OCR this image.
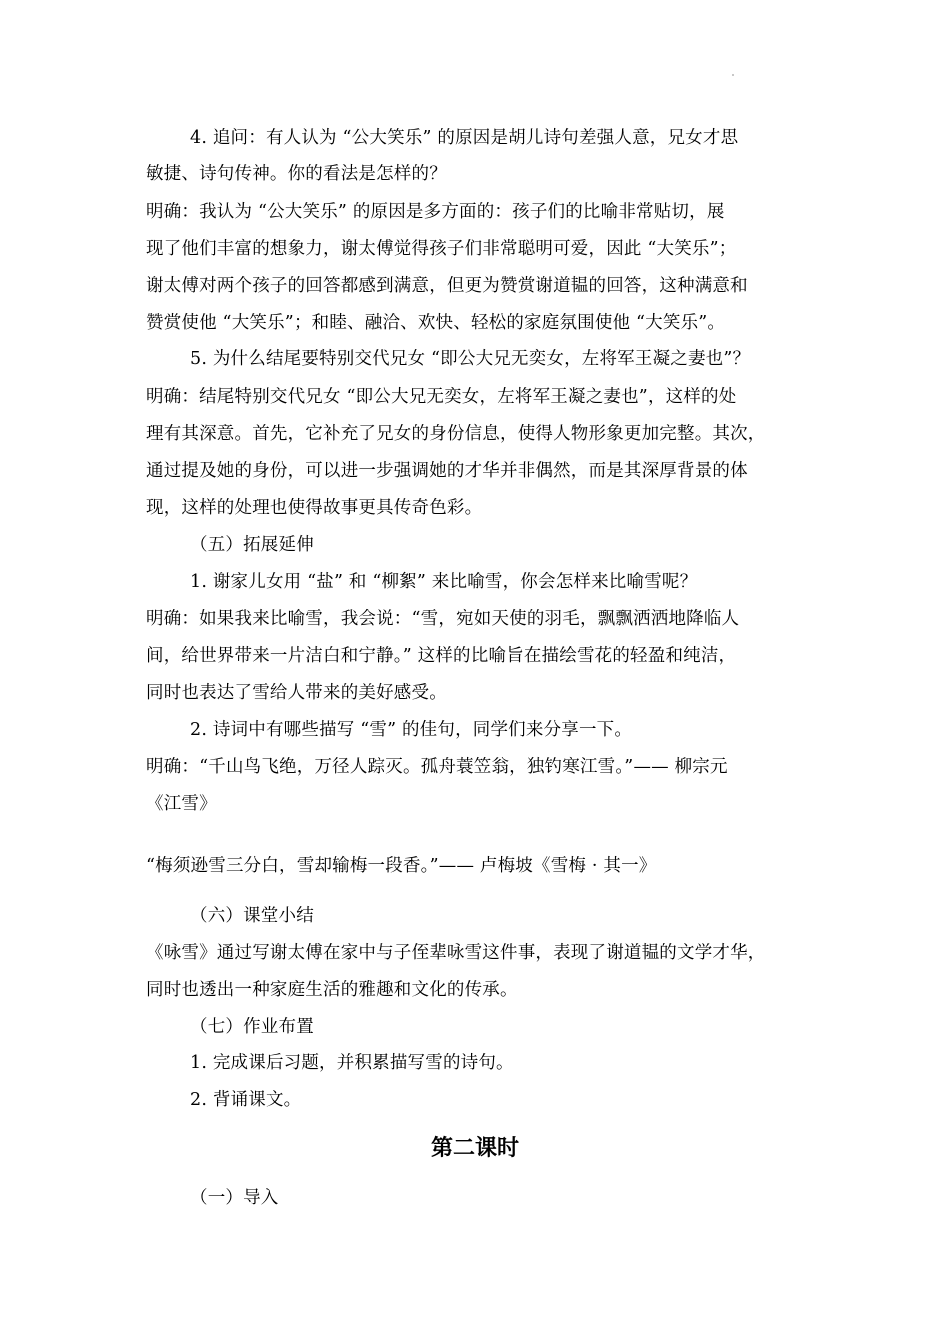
4. 追问：有人认为 “公大笑乐” 的原因是胡儿诗句差强人意，兄女才思
敏捷、诗句传神。你的看法是怎样的？
明确：我认为 “公大笑乐” 的原因是多方面的：孩子们的比喻非常贴切，展
现了他们丰富的想象力，谢太傅觉得孩子们非常聪明可爱，因此 “大笑乐”；
谢太傅对两个孩子的回答都感到满意，但更为赞赏谢道韫的回答，这种满意和
赞赏使他 “大笑乐”；和睦、融洽、欢快、轻松的家庭氛围使他 “大笑乐”。
5. 为什么结尾要特别交代兄女 “即公大兄无奕女，左将军王凝之妻也”？
明确：结尾特别交代兄女 “即公大兄无奕女，左将军王凝之妻也”，这样的处
理有其深意。首先，它补充了兄女的身份信息，使得人物形象更加完整。其次，
通过提及她的身份，可以进一步强调她的才华并非偶然，而是其深厚背景的体
现，这样的处理也使得故事更具传奇色彩。
（五）拓展延伸
1. 谢家儿女用 “盐” 和 “柳絮” 来比喻雪，你会怎样来比喻雪呢？
明确：如果我来比喻雪，我会说：“雪，宛如天使的羽毛，飘飘洒洒地降临人
间，给世界带来一片洁白和宁静。” 这样的比喻旨在描绘雪花的轻盈和纯洁，
同时也表达了雪给人带来的美好感受。
2. 诗词中有哪些描写 “雪” 的佳句，同学们来分享一下。
明确：“千山鸟飞绝，万径人踪灭。孤舟蓑笠翁，独钓寒江雪。”—— 柳宗元
《江雪》
“梅须逊雪三分白，雪却输梅一段香。”—— 卢梅坡《雪梅 · 其一》
（六）课堂小结
《咏雪》通过写谢太傅在家中与子侄辈咏雪这件事，表现了谢道韫的文学才华，
同时也透出一种家庭生活的雅趣和文化的传承。
（七）作业布置
1. 完成课后习题，并积累描写雪的诗句。
2. 背诵课文。
第二课时
（一）导入
